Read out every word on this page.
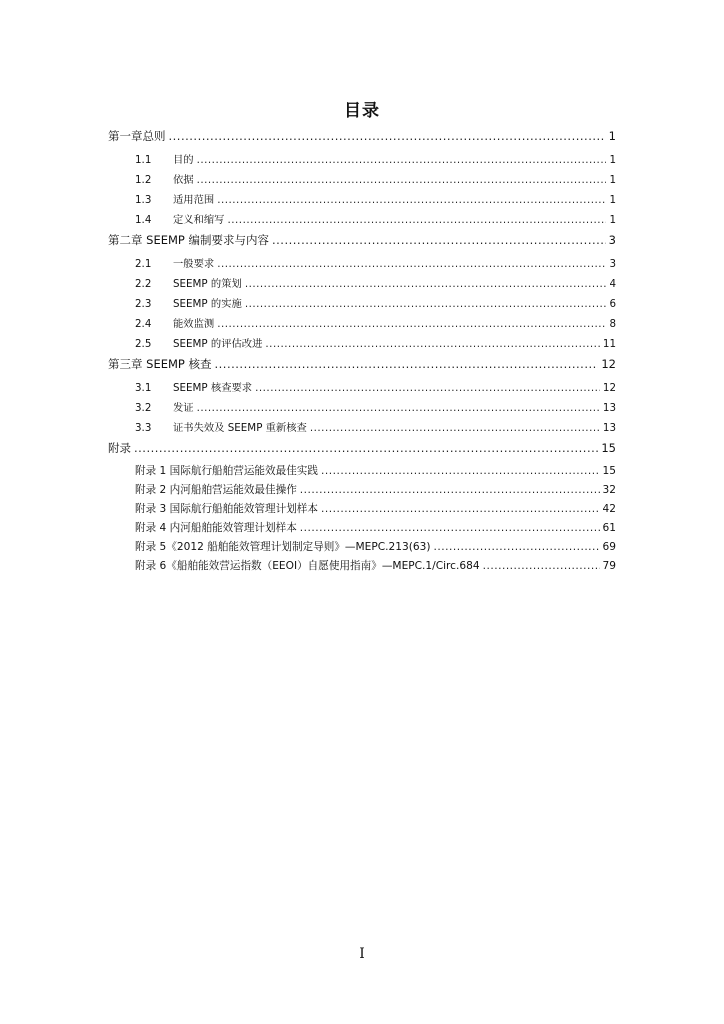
目录
第一章总则 .....	1
1.1	目的 .....	1
1.2	依据 .....	1
1.3	适用范围 .....	1
1.4	定义和缩写 .....	1
第二章 SEEMP 编制要求与内容 .....	3
2.1	一般要求 .....	3
2.2	SEEMP 的策划 .....	4
2.3	SEEMP 的实施 .....	6
2.4	能效监测 .....	8
2.5	SEEMP 的评估改进 .....	11
第三章 SEEMP 核查 .....	12
3.1	SEEMP 核查要求 .....	12
3.2	发证 .....	13
3.3	证书失效及 SEEMP 重新核查 .....	13
附录 .....	15
附录 1 国际航行船舶营运能效最佳实践 .....	15
附录 2 内河船舶营运能效最佳操作 .....	32
附录 3 国际航行船舶能效管理计划样本 .....	42
附录 4 内河船舶能效管理计划样本 .....	61
附录 5《2012 船舶能效管理计划制定导则》—MEPC.213(63) .....	69
附录 6《船舶能效营运指数（EEOI）自愿使用指南》—MEPC.1/Circ.684 .....	79
I
